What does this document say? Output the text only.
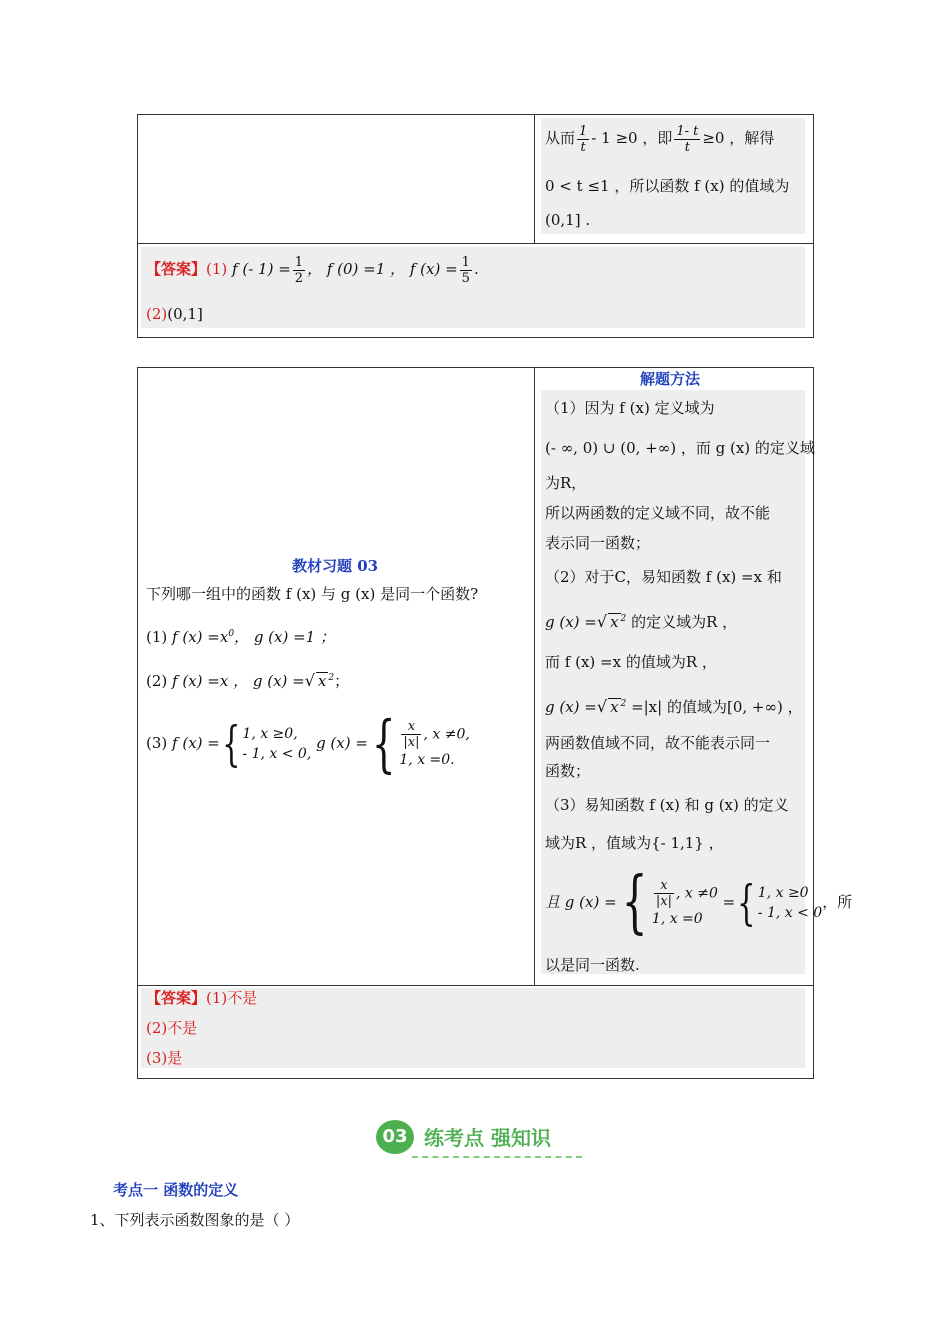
从而 $\frac{1}{t} - 1 \ge 0$ ，即 $\frac{1- t}{t} \ge 0$ ，解得
0 < t ≤1 ，所以函数 f (x) 的值域为
(0,1] .
【答案】(1) f (- $1) = \frac{1}{2}$ ， f (0) =1 ， f $(x) = \frac{1}{5}$ .
(2)(0,1]
解题方法
教材习题 03
下列哪一组中的函数 f (x) 与 g (x) 是同一个函数?
(1) f $(x) =x^0$， g (x) =1 ；
(2) f (x) =x ， g (x) =√ x $^2$；
(3) f (x) ={ 1, x ≥0,
- 1, x < 0,
g (x) ={ $\frac{x}{|x|}$ , x ≠0,
1, x =0.
（1）因为 f (x) 定义域为
(- ∞, 0) ∪ (0, +∞) ，而 g (x) 的定义域
为R，
所以两函数的定义域不同，故不能
表示同一函数；
（2）对于C，易知函数 f (x) =x 和
g (x) =√ x $^2$ 的定义域为R ，
而 f (x) =x 的值域为R ，
g (x) =√ x $^2$ =|x| 的值域为[0, +∞) ，
两函数值域不同，故不能表示同一
函数；
（3）易知函数 f (x) 和 g (x) 的定义
域为R ，值域为{- 1,1} ，
且 g (x) ={ $\frac{x}{|x|}$ , x ≠0
1, x =0
={ 1, x ≥0
- 1, x < 0
，所
以是同一函数.
【答案】(1)不是
(2)不是
(3)是
03 练考点 强知识
考点一 函数的定义
1、下列表示函数图象的是（ ）
